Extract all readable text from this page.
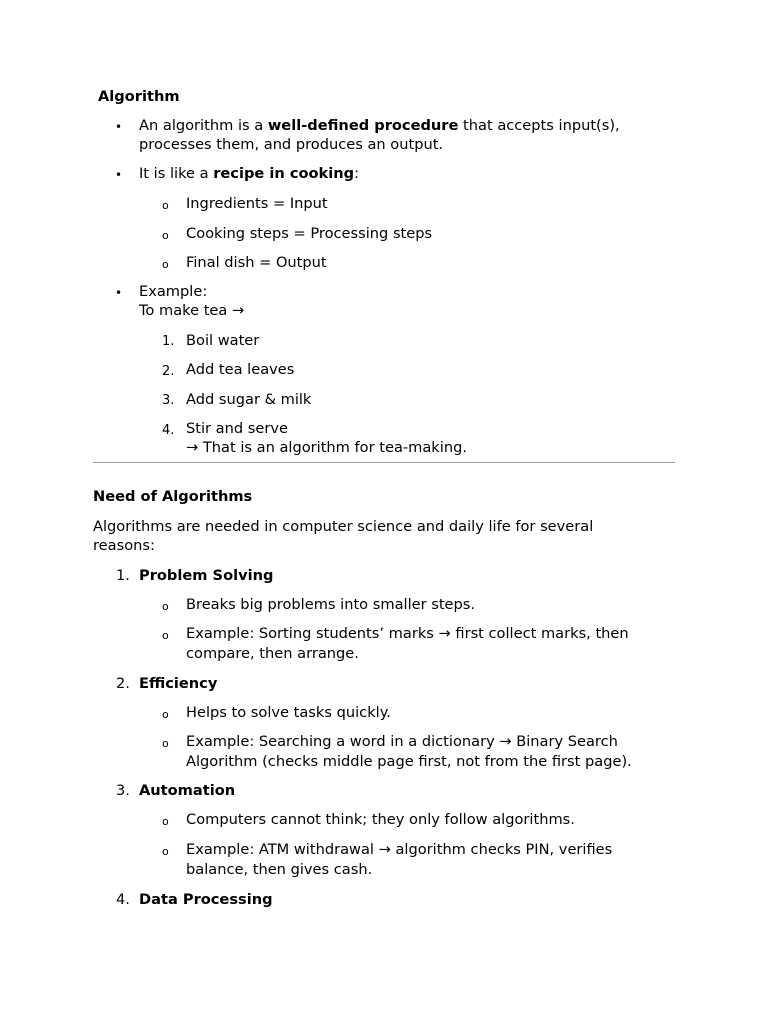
Algorithm
• An algorithm is a well-defined procedure that accepts input(s),
processes them, and produces an output.
• It is like a recipe in cooking:
o Ingredients = Input
o Cooking steps = Processing steps
o Final dish = Output
• Example:
To make tea →
1. Boil water
2. Add tea leaves
3. Add sugar & milk
4. Stir and serve
→ That is an algorithm for tea-making.
Need of Algorithms
Algorithms are needed in computer science and daily life for several
reasons:
1. Problem Solving
o Breaks big problems into smaller steps.
o Example: Sorting students’ marks → first collect marks, then
compare, then arrange.
2. Efficiency
o Helps to solve tasks quickly.
o Example: Searching a word in a dictionary → Binary Search
Algorithm (checks middle page first, not from the first page).
3. Automation
o Computers cannot think; they only follow algorithms.
o Example: ATM withdrawal → algorithm checks PIN, verifies
balance, then gives cash.
4. Data Processing
